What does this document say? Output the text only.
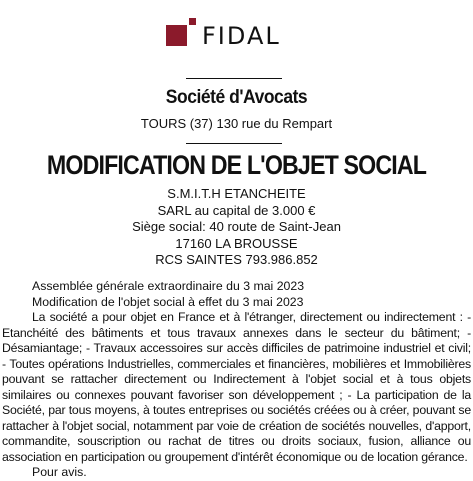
FIDAL
Société d'Avocats
TOURS (37) 130 rue du Rempart
MODIFICATION DE L'OBJET SOCIAL
S.M.I.T.H ETANCHEITE
SARL au capital de 3.000 €
Siège social: 40 route de Saint-Jean
17160 LA BROUSSE
RCS SAINTES 793.986.852

Assemblée générale extraordinaire du 3 mai 2023

Modification de l'objet social à effet du 3 mai 2023

La société a pour objet en France et à l'étranger, directement ou indirectement : - Etanchéité des bâtiments et tous travaux annexes dans le secteur du bâtiment; - Désamiantage; - Travaux accessoires sur accès difficiles de patrimoine industriel et civil; - Toutes opérations Industrielles, commerciales et financières, mobilières et Immobilières pouvant se rattacher directement ou Indirectement à l'objet social et à tous objets similaires ou connexes pouvant favoriser son développement ; - La participation de la Société, par tous moyens, à toutes entreprises ou sociétés créées ou à créer, pouvant se rattacher à l'objet social, notamment par voie de création de sociétés nouvelles, d'apport, commandite, souscription ou rachat de titres ou droits sociaux, fusion, alliance ou association en participation ou groupement d'intérêt économique ou de location gérance.

Pour avis.
